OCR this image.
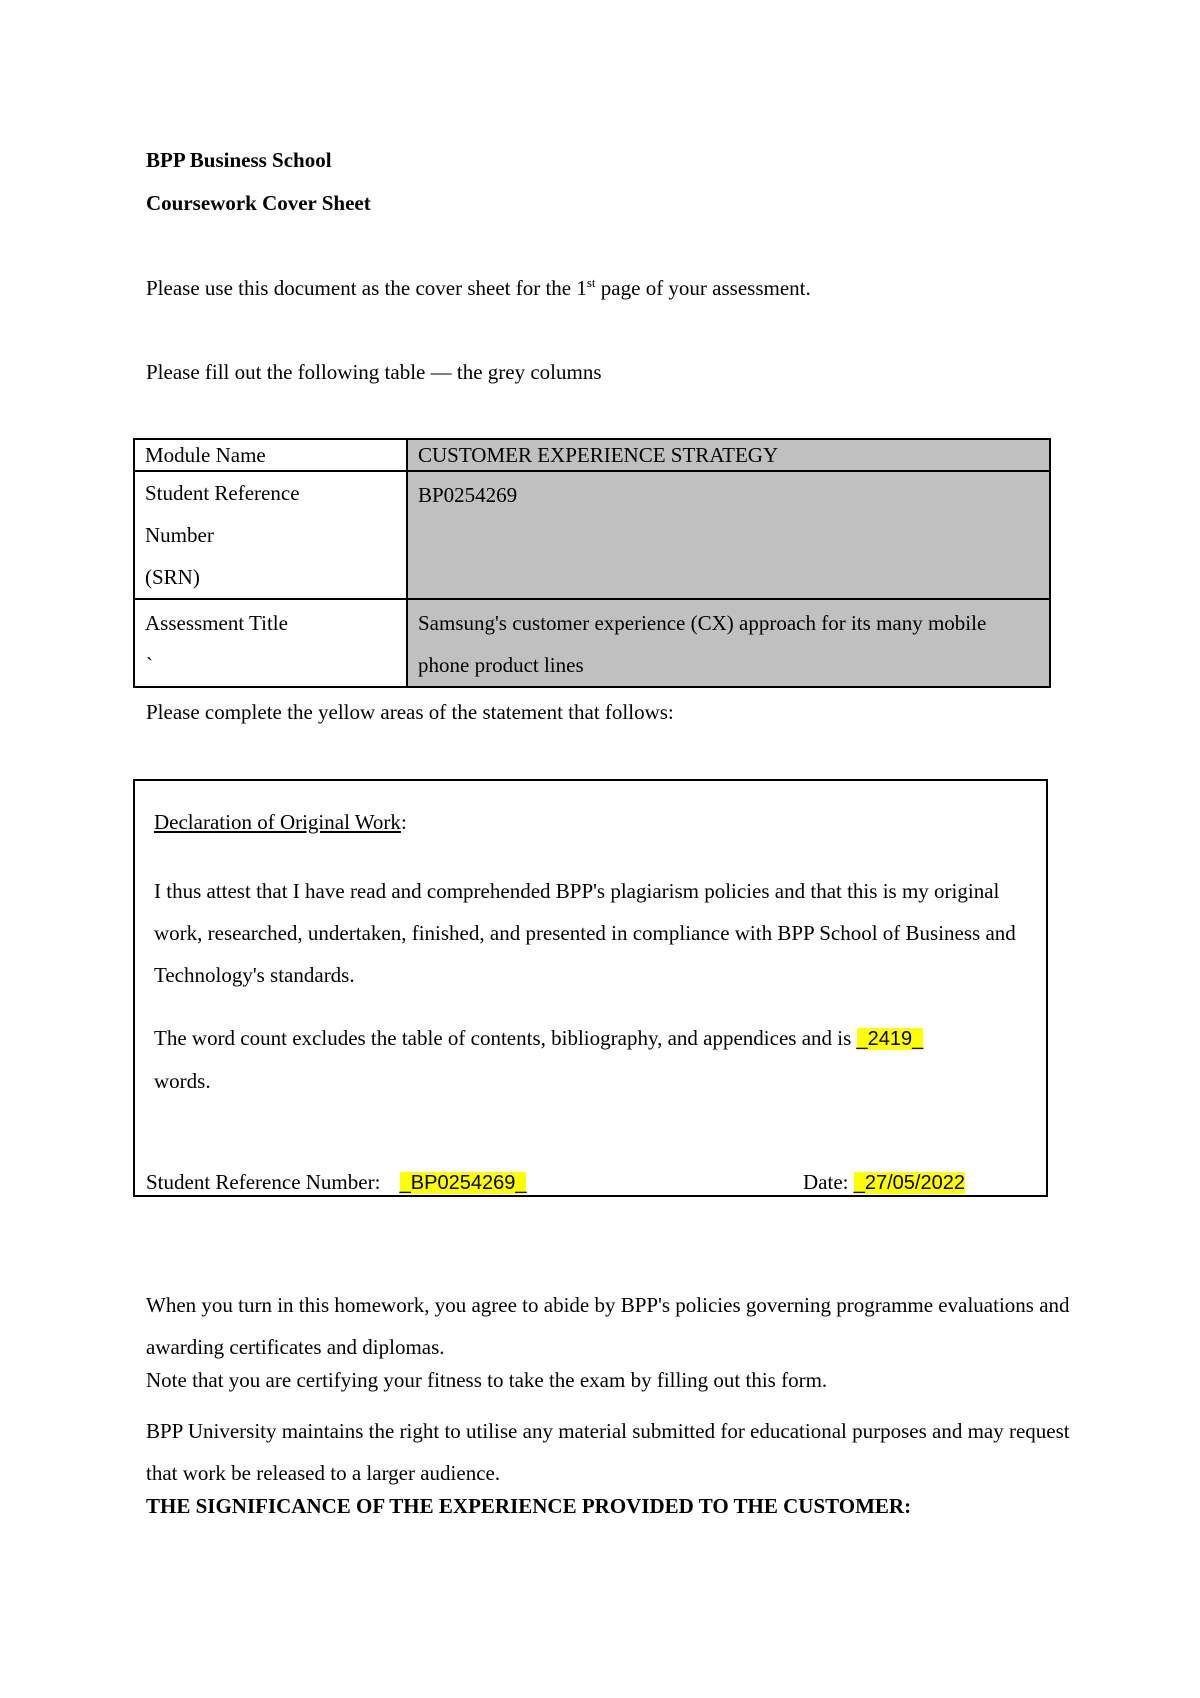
BPP Business School
Coursework Cover Sheet
Please use this document as the cover sheet for the 1st page of your assessment.
Please fill out the following table — the grey columns
Module Name	CUSTOMER EXPERIENCE STRATEGY

Student Reference
Number
(SRN)	BP0254269
Assessment Title	Samsung's customer experience (CX) approach for its many mobile phone product lines
`
Please complete the yellow areas of the statement that follows:
Declaration of Original Work:
I thus attest that I have read and comprehended BPP's plagiarism policies and that this is my original work, researched, undertaken, finished, and presented in compliance with BPP School of Business and Technology's standards.
The word count excludes the table of contents, bibliography, and appendices and is _2419_
words.
Student Reference Number: _BP0254269_	Date: _27/05/2022
When you turn in this homework, you agree to abide by BPP's policies governing programme evaluations and awarding certificates and diplomas.
Note that you are certifying your fitness to take the exam by filling out this form.
BPP University maintains the right to utilise any material submitted for educational purposes and may request that work be released to a larger audience.
THE SIGNIFICANCE OF THE EXPERIENCE PROVIDED TO THE CUSTOMER:
